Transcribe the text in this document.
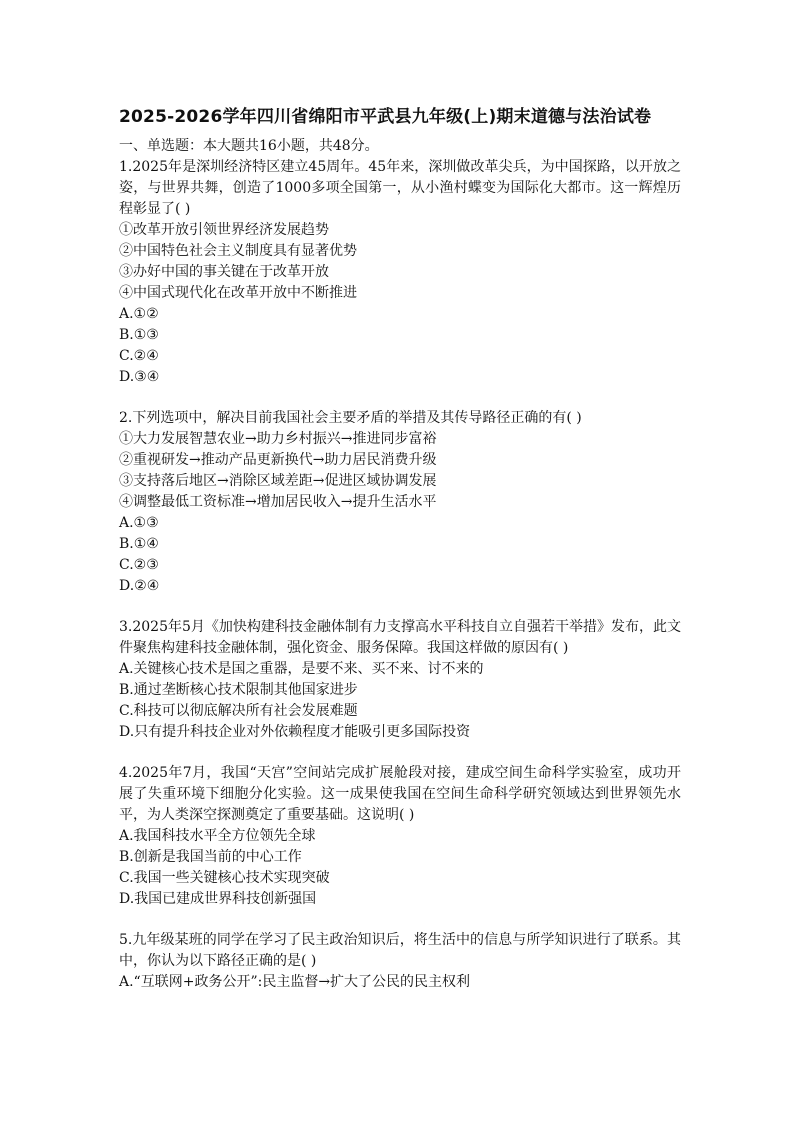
2025-2026学年四川省绵阳市平武县九年级(上)期末道德与法治试卷
一、单选题：本大题共16小题，共48分。
1.2025年是深圳经济特区建立45周年。45年来，深圳做改革尖兵，为中国探路，以开放之姿，与世界共舞，创造了1000多项全国第一，从小渔村蝶变为国际化大都市。这一辉煌历程彰显了( )
①改革开放引领世界经济发展趋势
②中国特色社会主义制度具有显著优势
③办好中国的事关键在于改革开放
④中国式现代化在改革开放中不断推进
A.①②
B.①③
C.②④
D.③④
2.下列选项中，解决目前我国社会主要矛盾的举措及其传导路径正确的有( )
①大力发展智慧农业→助力乡村振兴→推进同步富裕
②重视研发→推动产品更新换代→助力居民消费升级
③支持落后地区→消除区域差距→促进区域协调发展
④调整最低工资标准→增加居民收入→提升生活水平
A.①③
B.①④
C.②③
D.②④
3.2025年5月《加快构建科技金融体制有力支撑高水平科技自立自强若干举措》发布，此文件聚焦构建科技金融体制，强化资金、服务保障。我国这样做的原因有( )
A.关键核心技术是国之重器，是要不来、买不来、讨不来的
B.通过垄断核心技术限制其他国家进步
C.科技可以彻底解决所有社会发展难题
D.只有提升科技企业对外依赖程度才能吸引更多国际投资
4.2025年7月，我国“天宫”空间站完成扩展舱段对接，建成空间生命科学实验室，成功开展了失重环境下细胞分化实验。这一成果使我国在空间生命科学研究领域达到世界领先水平，为人类深空探测奠定了重要基础。这说明( )
A.我国科技水平全方位领先全球
B.创新是我国当前的中心工作
C.我国一些关键核心技术实现突破
D.我国已建成世界科技创新强国
5.九年级某班的同学在学习了民主政治知识后，将生活中的信息与所学知识进行了联系。其中，你认为以下路径正确的是( )
A.“互联网+政务公开”:民主监督→扩大了公民的民主权利
